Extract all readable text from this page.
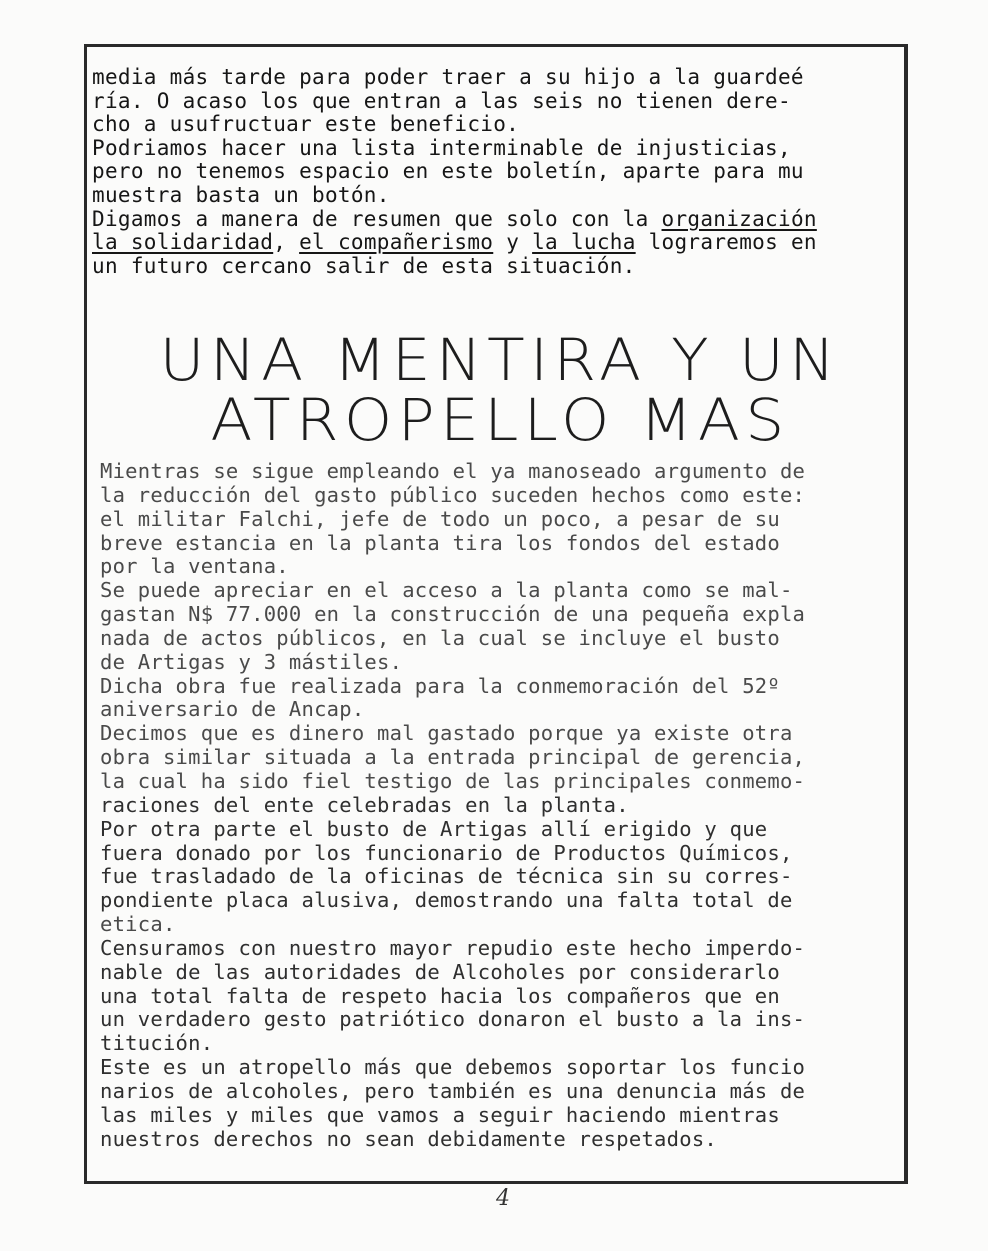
media más tarde para poder traer a su hijo a la guardeé
ría. O acaso los que entran a las seis no tienen dere-
cho a usufructuar este beneficio.
Podriamos hacer una lista interminable de injusticias,
pero no tenemos espacio en este boletín, aparte para mu
muestra basta un botón.
Digamos a manera de resumen que solo con la organización
la solidaridad, el compañerismo y la lucha lograremos en
un futuro cercano salir de esta situación.
UNA MENTIRA Y UN
ATROPELLO MAS
Mientras se sigue empleando el ya manoseado argumento de
la reducción del gasto público suceden hechos como este:
el militar Falchi, jefe de todo un poco, a pesar de su
breve estancia en la planta tira los fondos del estado
por la ventana.
Se puede apreciar en el acceso a la planta como se mal-
gastan N$ 77.000 en la construcción de una pequeña expla
nada de actos públicos, en la cual se incluye el busto
de Artigas y 3 mástiles.
Dicha obra fue realizada para la conmemoración del 52º
aniversario de Ancap.
Decimos que es dinero mal gastado porque ya existe otra
obra similar situada a la entrada principal de gerencia,
la cual ha sido fiel testigo de las principales conmemo-
raciones del ente celebradas en la planta.
Por otra parte el busto de Artigas allí erigido y que
fuera donado por los funcionario de Productos Químicos,
fue trasladado de la oficinas de técnica sin su corres-
pondiente placa alusiva, demostrando una falta total de
etica.
Censuramos con nuestro mayor repudio este hecho imperdo-
nable de las autoridades de Alcoholes por considerarlo
una total falta de respeto hacia los compañeros que en
un verdadero gesto patriótico donaron el busto a la ins-
titución.
Este es un atropello más que debemos soportar los funcio
narios de alcoholes, pero también es una denuncia más de
las miles y miles que vamos a seguir haciendo mientras
nuestros derechos no sean debidamente respetados.
4
